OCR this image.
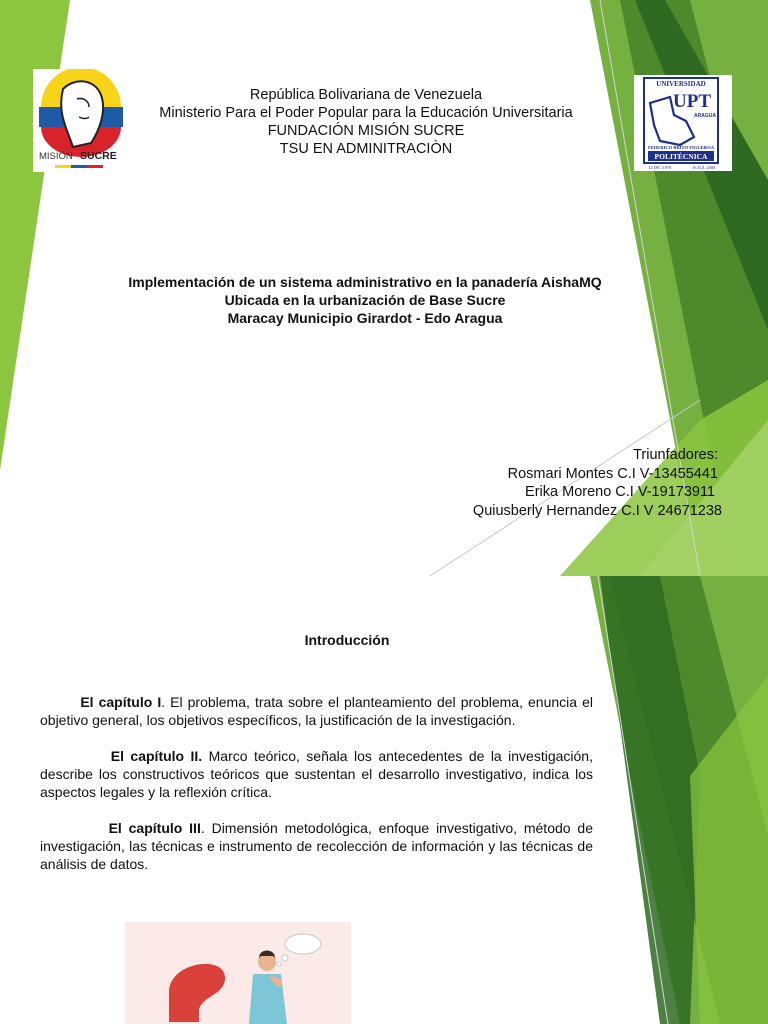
MISIÓN SUCRE
UNIVERSIDAD
UPT
ARAGUA
FEDERICO BRITO FIGUEROA
POLITÉCNICA
12 DIC 1976	16 JUL 2008
República Bolivariana de Venezuela
Ministerio Para el Poder Popular para la Educación Universitaria
FUNDACIÓN MISIÓN SUCRE
TSU EN ADMINITRACIÒN
Implementación de un sistema administrativo en la panadería AishaMQ
Ubicada en la urbanización de Base Sucre
Maracay Municipio Girardot - Edo Aragua
Triunfadores:
Rosmari Montes C.I V-13455441
Erika Moreno C.I V-19173911
Quiusberly Hernandez C.I V 24671238
Introducción
El capítulo I. El problema, trata sobre el planteamiento del problema, enuncia el objetivo general, los objetivos específicos, la justificación de la investigación.
El capítulo II. Marco teórico, señala los antecedentes de la investigación, describe los constructivos teóricos que sustentan el desarrollo investigativo, indica los aspectos legales y la reflexión crítica.
El capítulo III. Dimensión metodológica, enfoque investigativo, método de investigación, las técnicas e instrumento de recolección de información y las técnicas de análisis de datos.
